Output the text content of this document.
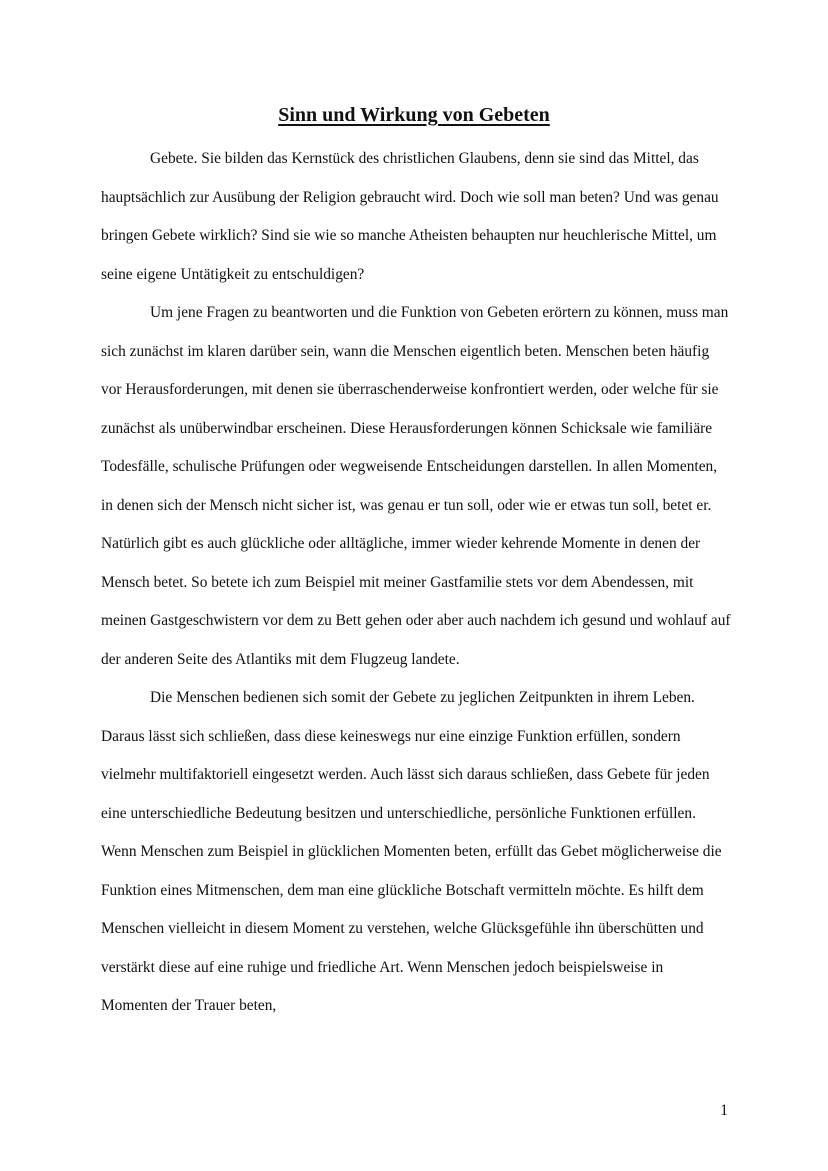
Sinn und Wirkung von Gebeten

Gebete. Sie bilden das Kernstück des christlichen Glaubens, denn sie sind das Mittel, das hauptsächlich zur Ausübung der Religion gebraucht wird. Doch wie soll man beten? Und was genau bringen Gebete wirklich? Sind sie wie so manche Atheisten behaupten nur heuchlerische Mittel, um seine eigene Untätigkeit zu entschuldigen?

Um jene Fragen zu beantworten und die Funktion von Gebeten erörtern zu können, muss man sich zunächst im klaren darüber sein, wann die Menschen eigentlich beten. Menschen beten häufig vor Herausforderungen, mit denen sie überraschenderweise konfrontiert werden, oder welche für sie zunächst als unüberwindbar erscheinen. Diese Herausforderungen können Schicksale wie familiäre Todesfälle, schulische Prüfungen oder wegweisende Entscheidungen darstellen. In allen Momenten, in denen sich der Mensch nicht sicher ist, was genau er tun soll, oder wie er etwas tun soll, betet er. Natürlich gibt es auch glückliche oder alltägliche, immer wieder kehrende Momente in denen der Mensch betet. So betete ich zum Beispiel mit meiner Gastfamilie stets vor dem Abendessen, mit meinen Gastgeschwistern vor dem zu Bett gehen oder aber auch nachdem ich gesund und wohlauf auf der anderen Seite des Atlantiks mit dem Flugzeug landete.

Die Menschen bedienen sich somit der Gebete zu jeglichen Zeitpunkten in ihrem Leben. Daraus lässt sich schließen, dass diese keineswegs nur eine einzige Funktion erfüllen, sondern vielmehr multifaktoriell eingesetzt werden. Auch lässt sich daraus schließen, dass Gebete für jeden eine unterschiedliche Bedeutung besitzen und unterschiedliche, persönliche Funktionen erfüllen. Wenn Menschen zum Beispiel in glücklichen Momenten beten, erfüllt das Gebet möglicherweise die Funktion eines Mitmenschen, dem man eine glückliche Botschaft vermitteln möchte. Es hilft dem Menschen vielleicht in diesem Moment zu verstehen, welche Glücksgefühle ihn überschütten und verstärkt diese auf eine ruhige und friedliche Art. Wenn Menschen jedoch beispielsweise in Momenten der Trauer beten,

1
